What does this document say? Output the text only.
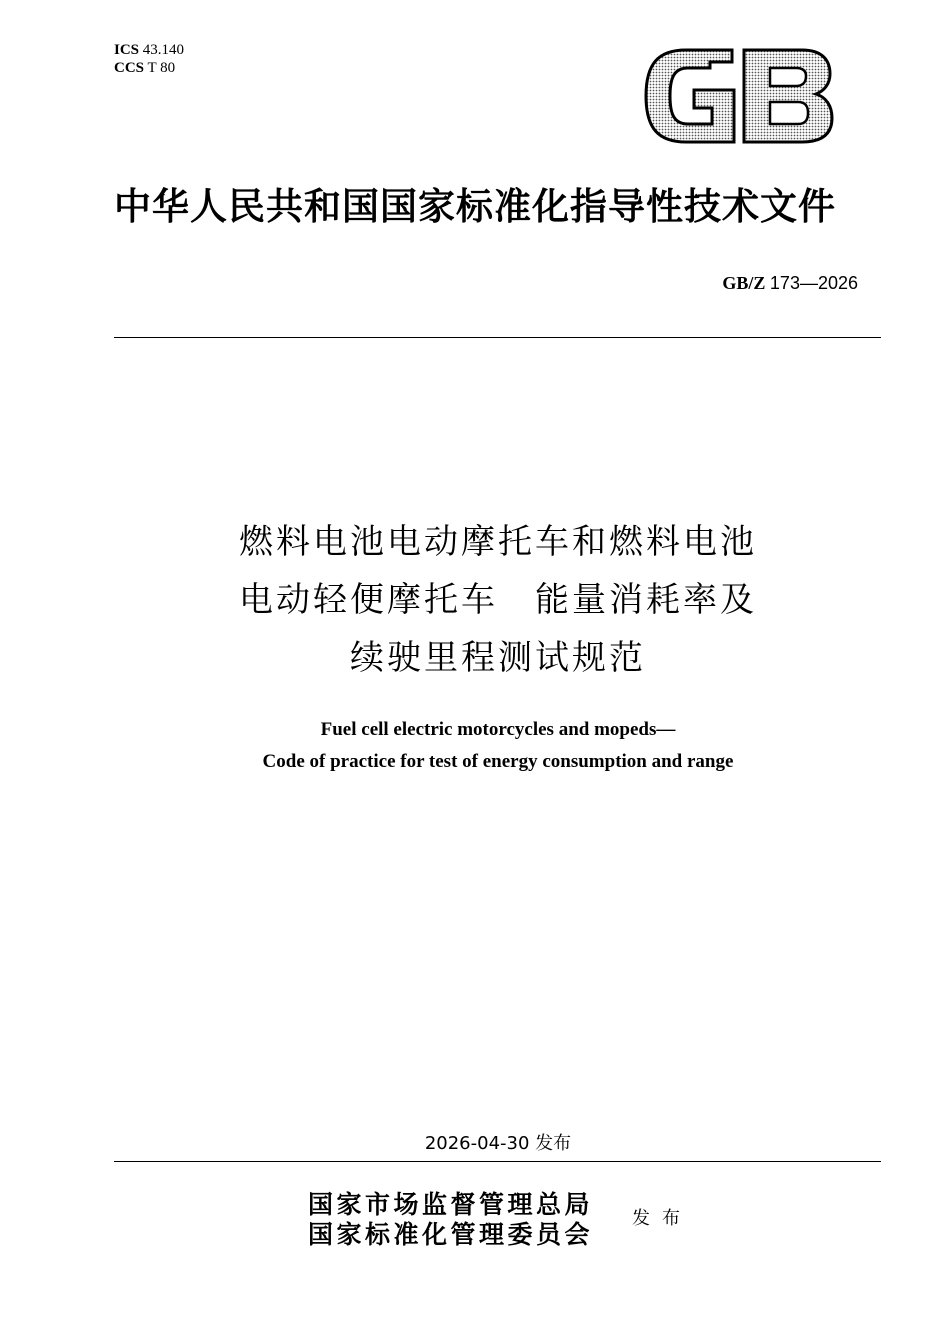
ICS 43.140
CCS T 80
中华人民共和国国家标准化指导性技术文件
GB/Z 173—2026
燃料电池电动摩托车和燃料电池
电动轻便摩托车　能量消耗率及
续驶里程测试规范
Fuel cell electric motorcycles and mopeds—
Code of practice for test of energy consumption and range
2026-04-30 发布
国家市场监督管理总局
国家标准化管理委员会
发布
